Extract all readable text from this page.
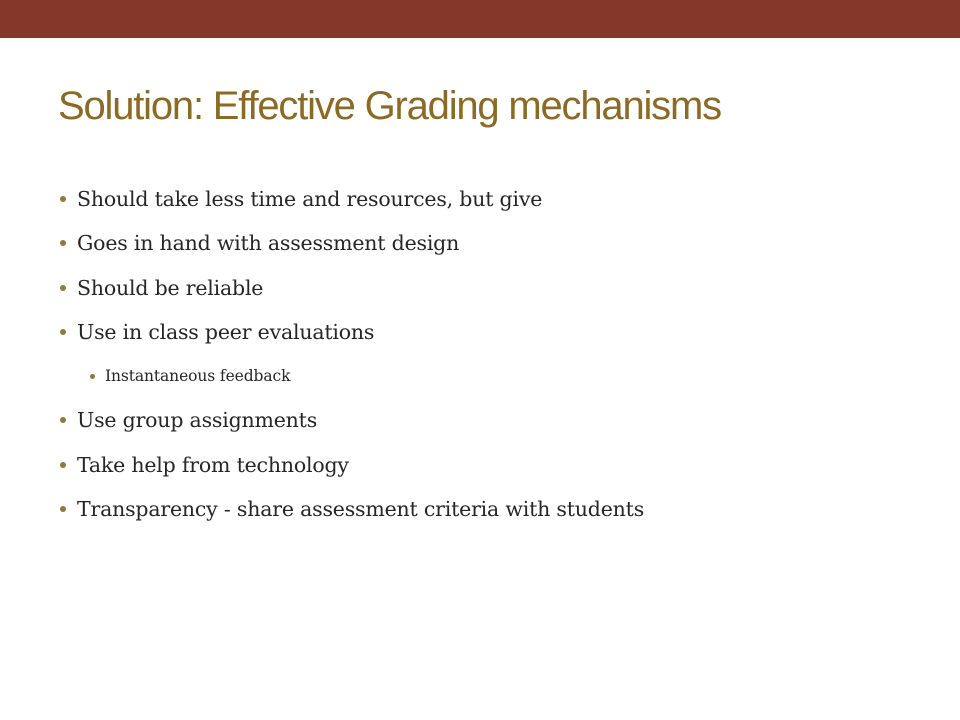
Solution: Effective Grading mechanisms
Should take less time and resources, but give
Goes in hand with assessment design
Should be reliable
Use in class peer evaluations
Instantaneous feedback
Use group assignments
Take help from technology
Transparency - share assessment criteria with students
